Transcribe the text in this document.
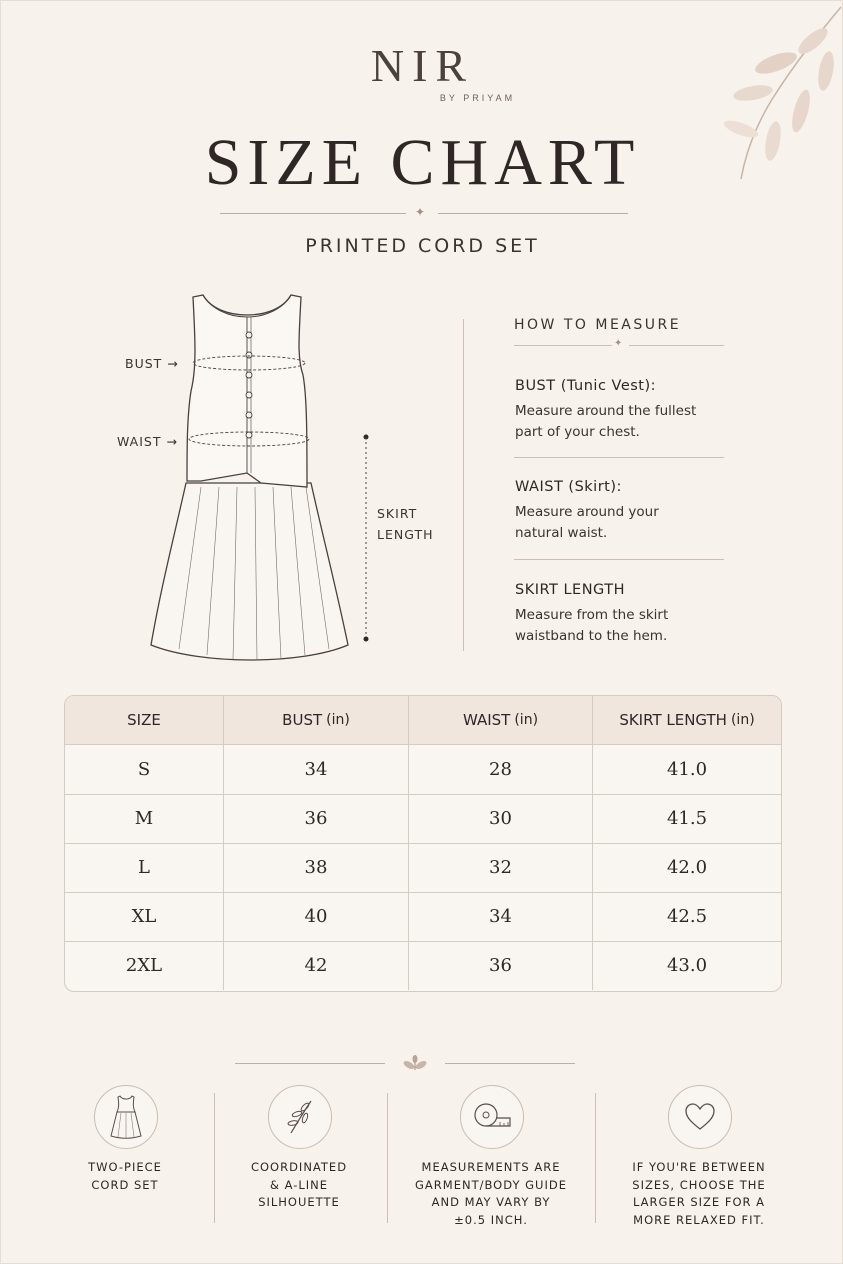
NIR
BY PRIYAM
SIZE CHART
✦
PRINTED CORD SET
BUST →
WAIST →
SKIRT
LENGTH
HOW TO MEASURE
✦
BUST (Tunic Vest):
Measure around the fullest
part of your chest.
WAIST (Skirt):
Measure around your
natural waist.
SKIRT LENGTH
Measure from the skirt
waistband to the hem.
SIZE	BUST (in)	WAIST (in)	SKIRT LENGTH (in)
S	34	28	41.0
M	36	30	41.5
L	38	32	42.0
XL	40	34	42.5
2XL	42	36	43.0
TWO-PIECE
CORD SET
COORDINATED
& A-LINE
SILHOUETTE
MEASUREMENTS ARE
GARMENT/BODY GUIDE
AND MAY VARY BY
±0.5 INCH.
IF YOU'RE BETWEEN
SIZES, CHOOSE THE
LARGER SIZE FOR A
MORE RELAXED FIT.
